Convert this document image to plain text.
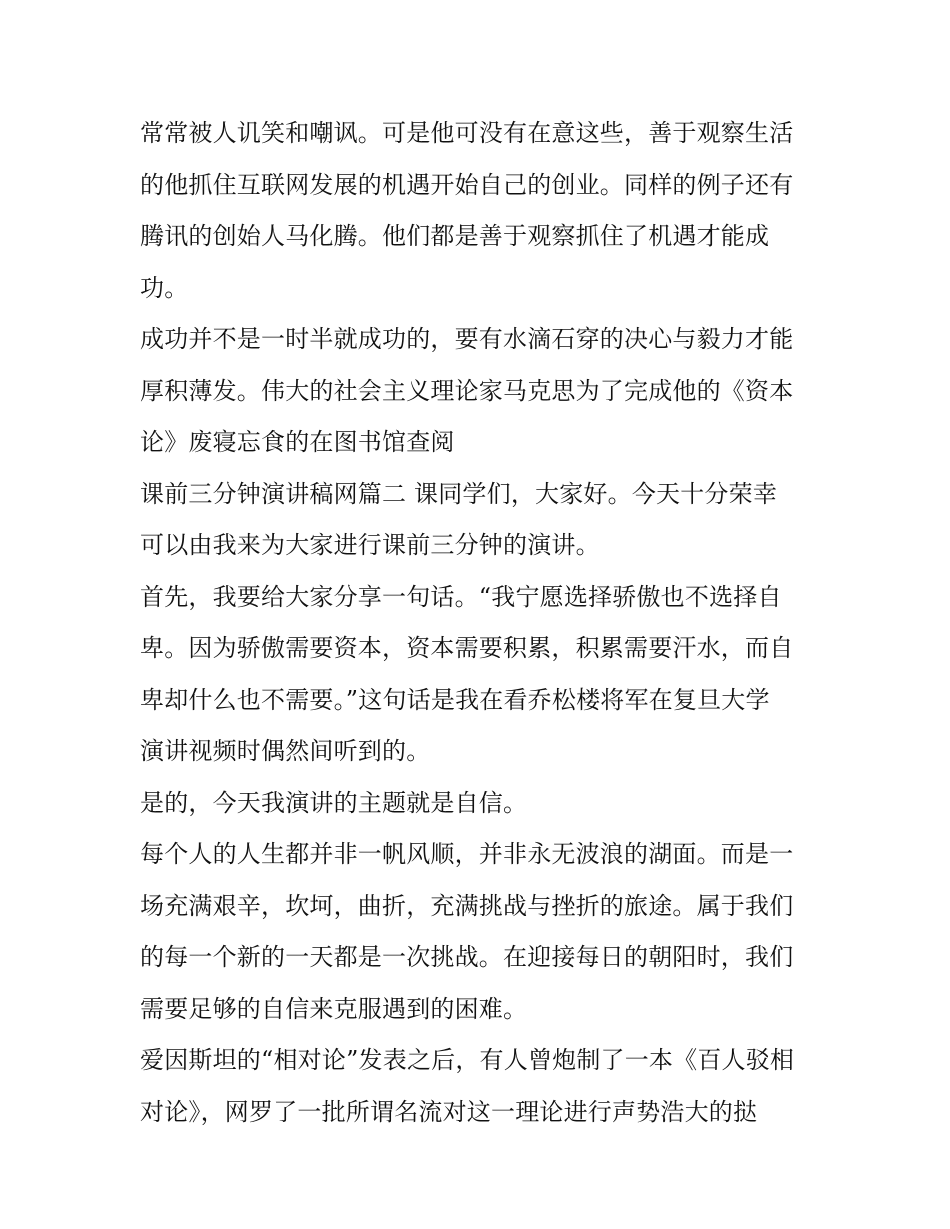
常常被人讥笑和嘲讽。可是他可没有在意这些，善于观察生活
的他抓住互联网发展的机遇开始自己的创业。同样的例子还有
腾讯的创始人马化腾。他们都是善于观察抓住了机遇才能成
功。
成功并不是一时半就成功的，要有水滴石穿的决心与毅力才能
厚积薄发。伟大的社会主义理论家马克思为了完成他的《资本
论》废寝忘食的在图书馆查阅
课前三分钟演讲稿网篇二 课同学们，大家好。今天十分荣幸
可以由我来为大家进行课前三分钟的演讲。
首先，我要给大家分享一句话。“我宁愿选择骄傲也不选择自
卑。因为骄傲需要资本，资本需要积累，积累需要汗水，而自
卑却什么也不需要。”这句话是我在看乔松楼将军在复旦大学
演讲视频时偶然间听到的。
是的，今天我演讲的主题就是自信。
每个人的人生都并非一帆风顺，并非永无波浪的湖面。而是一
场充满艰辛，坎坷，曲折，充满挑战与挫折的旅途。属于我们
的每一个新的一天都是一次挑战。在迎接每日的朝阳时，我们
需要足够的自信来克服遇到的困难。
爱因斯坦的“相对论”发表之后，有人曾炮制了一本《百人驳相
对论》，网罗了一批所谓名流对这一理论进行声势浩大的挞
